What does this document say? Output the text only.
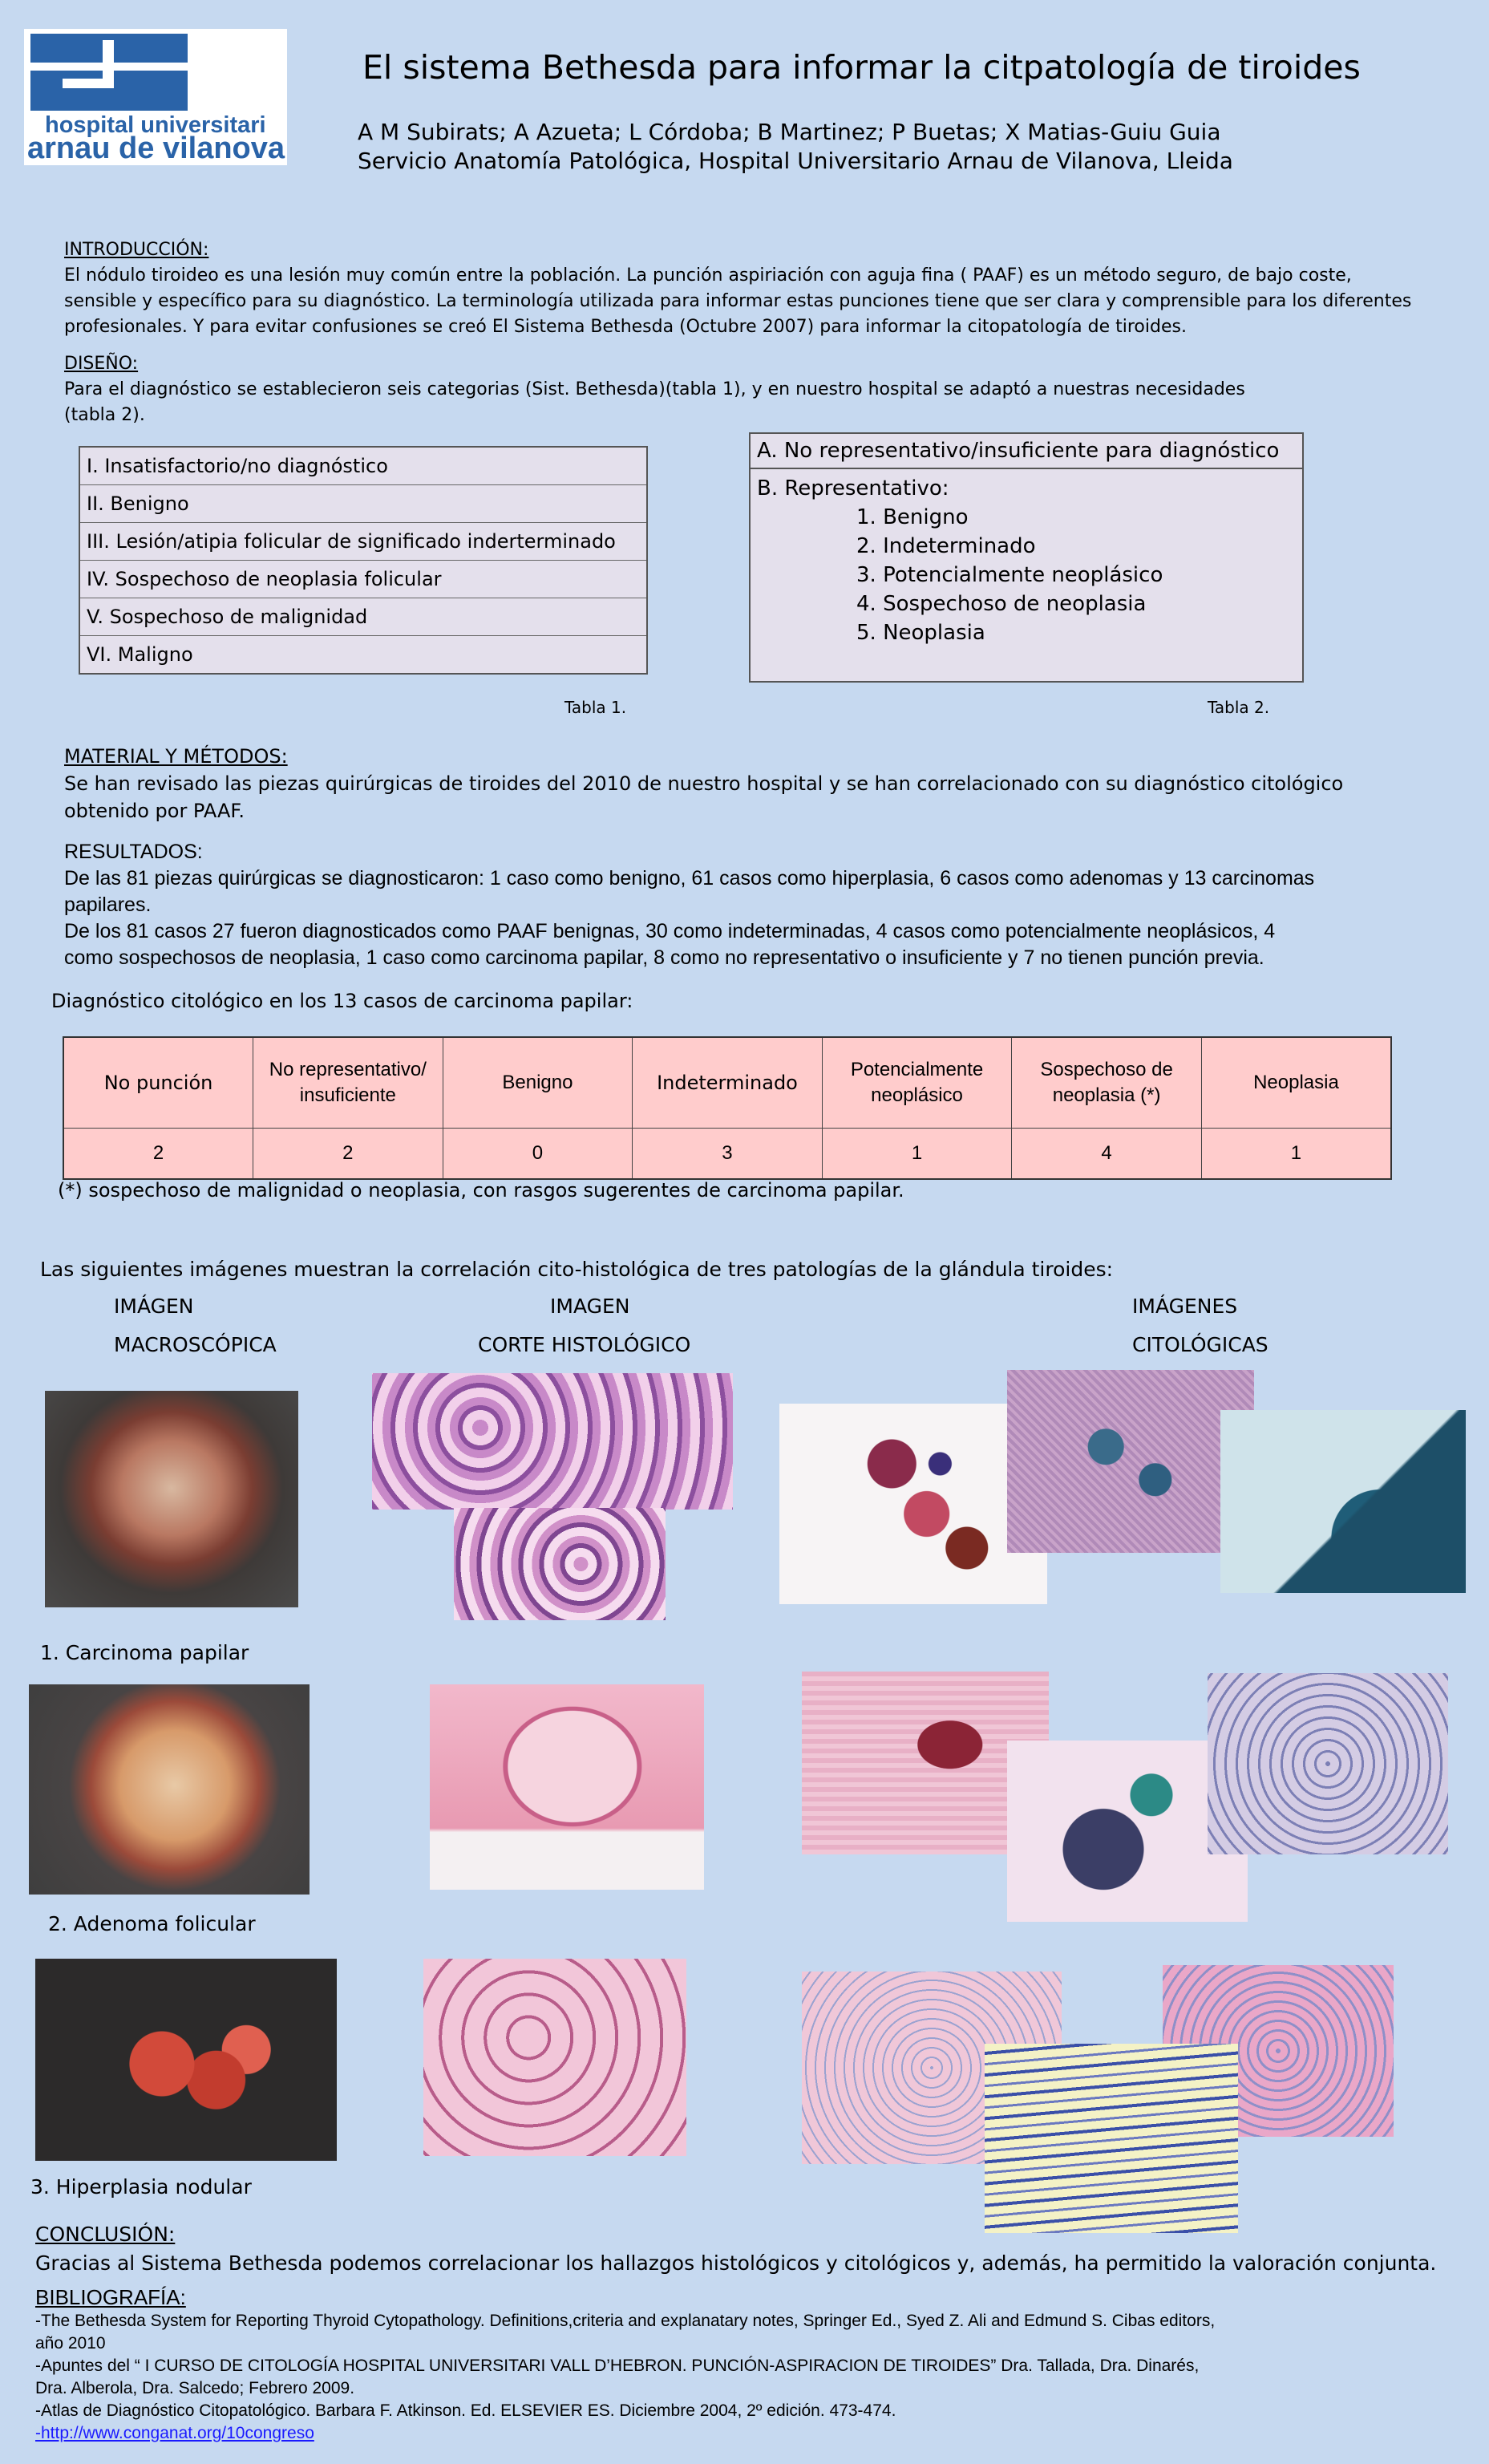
hospital universitari
arnau de vilanova
El sistema Bethesda para informar la citpatología de tiroides
A M Subirats; A Azueta; L Córdoba; B Martinez; P Buetas; X Matias-Guiu Guia
Servicio Anatomía Patológica, Hospital Universitario Arnau de Vilanova, Lleida
INTRODUCCIÓN:
El nódulo tiroideo es una lesión muy común entre la población. La punción aspiriación con aguja fina ( PAAF) es un método seguro, de bajo coste,
sensible y específico para su diagnóstico. La terminología utilizada para informar estas punciones tiene que ser clara y comprensible para los diferentes
profesionales. Y para evitar confusiones se creó El Sistema Bethesda (Octubre 2007) para informar la citopatología de tiroides.
DISEÑO:
Para el diagnóstico se establecieron seis categorias (Sist. Bethesda)(tabla 1), y en nuestro hospital se adaptó a nuestras necesidades
(tabla 2).
I. Insatisfactorio/no diagnóstico
II. Benigno
III. Lesión/atipia folicular de significado inderterminado
IV. Sospechoso de neoplasia folicular
V. Sospechoso de malignidad
VI. Maligno
Tabla 1.
A. No representativo/insuficiente para diagnóstico
B. Representativo:
1. Benigno
2. Indeterminado
3. Potencialmente neoplásico
4. Sospechoso de neoplasia
5. Neoplasia
Tabla 2.
MATERIAL Y MÉTODOS:
Se han revisado las piezas quirúrgicas de tiroides del 2010 de nuestro hospital y se han correlacionado con su diagnóstico citológico
obtenido por PAAF.
RESULTADOS:
De las 81 piezas quirúrgicas se diagnosticaron: 1 caso como benigno, 61 casos como hiperplasia, 6 casos como adenomas y 13 carcinomas
papilares.
De los 81 casos 27 fueron diagnosticados como PAAF benignas, 30 como indeterminadas, 4 casos como potencialmente neoplásicos, 4
como sospechosos de neoplasia, 1 caso como carcinoma papilar, 8 como no representativo o insuficiente y 7 no tienen punción previa.
Diagnóstico citológico en los 13 casos de carcinoma papilar:
No punción	No representativo/ insuficiente	Benigno	Indeterminado	Potencialmente neoplásico	Sospechoso de neoplasia (*)	Neoplasia
2	2	0	3	1	4	1
(*) sospechoso de malignidad o neoplasia, con rasgos sugerentes de carcinoma papilar.
Las siguientes imágenes muestran la correlación cito-histológica de tres patologías de la glándula tiroides:
IMÁGEN
MACROSCÓPICA
IMAGEN
CORTE HISTOLÓGICO
IMÁGENES
CITOLÓGICAS
1. Carcinoma papilar
2. Adenoma folicular
3. Hiperplasia nodular
CONCLUSIÓN:
Gracias al Sistema Bethesda podemos correlacionar los hallazgos histológicos y citológicos y, además, ha permitido la valoración conjunta.
BIBLIOGRAFÍA:
-The Bethesda System for Reporting Thyroid Cytopathology. Definitions,criteria and explanatary notes, Springer Ed., Syed Z. Ali and Edmund S. Cibas editors,
año 2010
-Apuntes del “ I CURSO DE CITOLOGÍA HOSPITAL UNIVERSITARI VALL D’HEBRON. PUNCIÓN-ASPIRACION DE TIROIDES” Dra. Tallada, Dra. Dinarés,
Dra. Alberola, Dra. Salcedo; Febrero 2009.
-Atlas de Diagnóstico Citopatológico. Barbara F. Atkinson. Ed. ELSEVIER ES. Diciembre 2004, 2º edición. 473-474.
-http://www.conganat.org/10congreso
